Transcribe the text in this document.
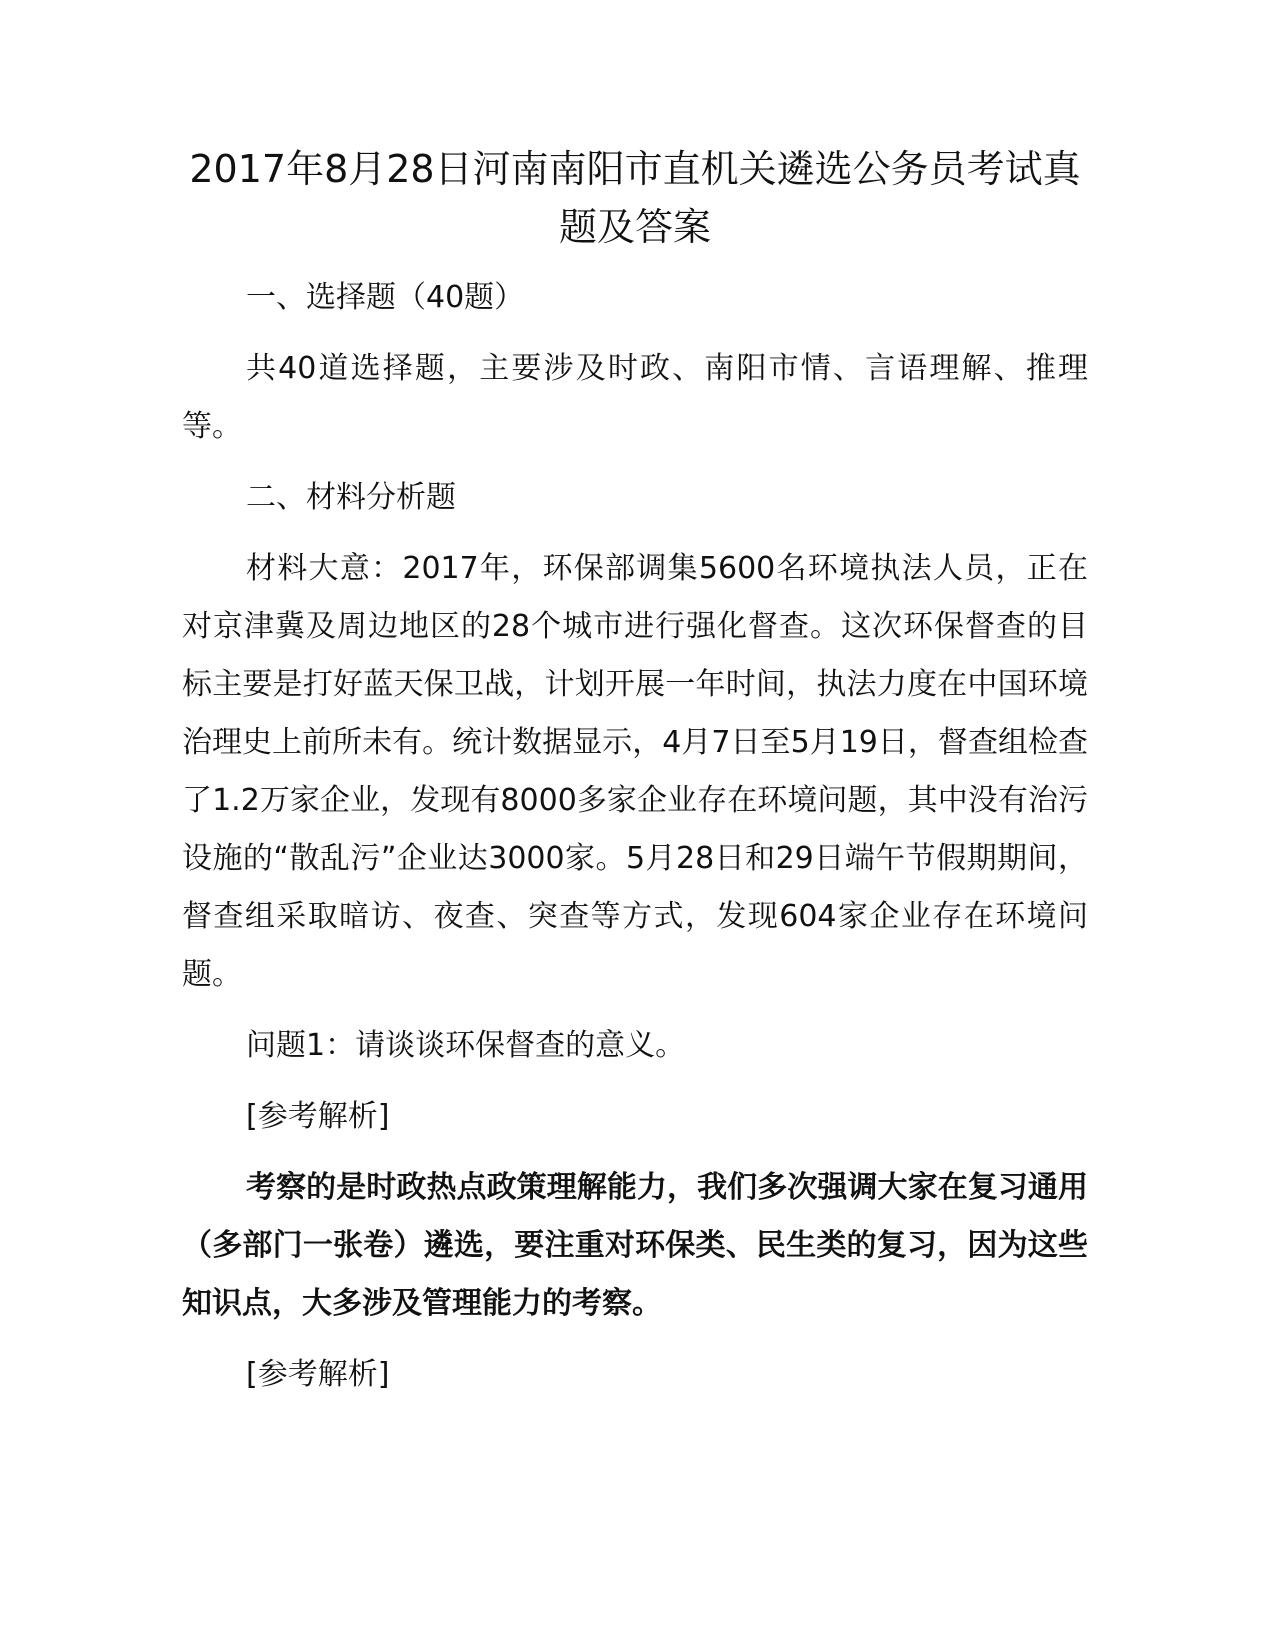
2017年8月28日河南南阳市直机关遴选公务员考试真题及答案

一、选择题（40题）

共40道选择题，主要涉及时政、南阳市情、言语理解、推理等。

二、材料分析题

材料大意：2017年，环保部调集5600名环境执法人员，正在对京津冀及周边地区的28个城市进行强化督查。这次环保督查的目标主要是打好蓝天保卫战，计划开展一年时间，执法力度在中国环境治理史上前所未有。统计数据显示，4月7日至5月19日，督查组检查了1.2万家企业，发现有8000多家企业存在环境问题，其中没有治污设施的“散乱污”企业达3000家。5月28日和29日端午节假期期间，督查组采取暗访、夜查、突查等方式，发现604家企业存在环境问题。

问题1：请谈谈环保督查的意义。

[参考解析]

考察的是时政热点政策理解能力，我们多次强调大家在复习通用（多部门一张卷）遴选，要注重对环保类、民生类的复习，因为这些知识点，大多涉及管理能力的考察。

[参考解析]
